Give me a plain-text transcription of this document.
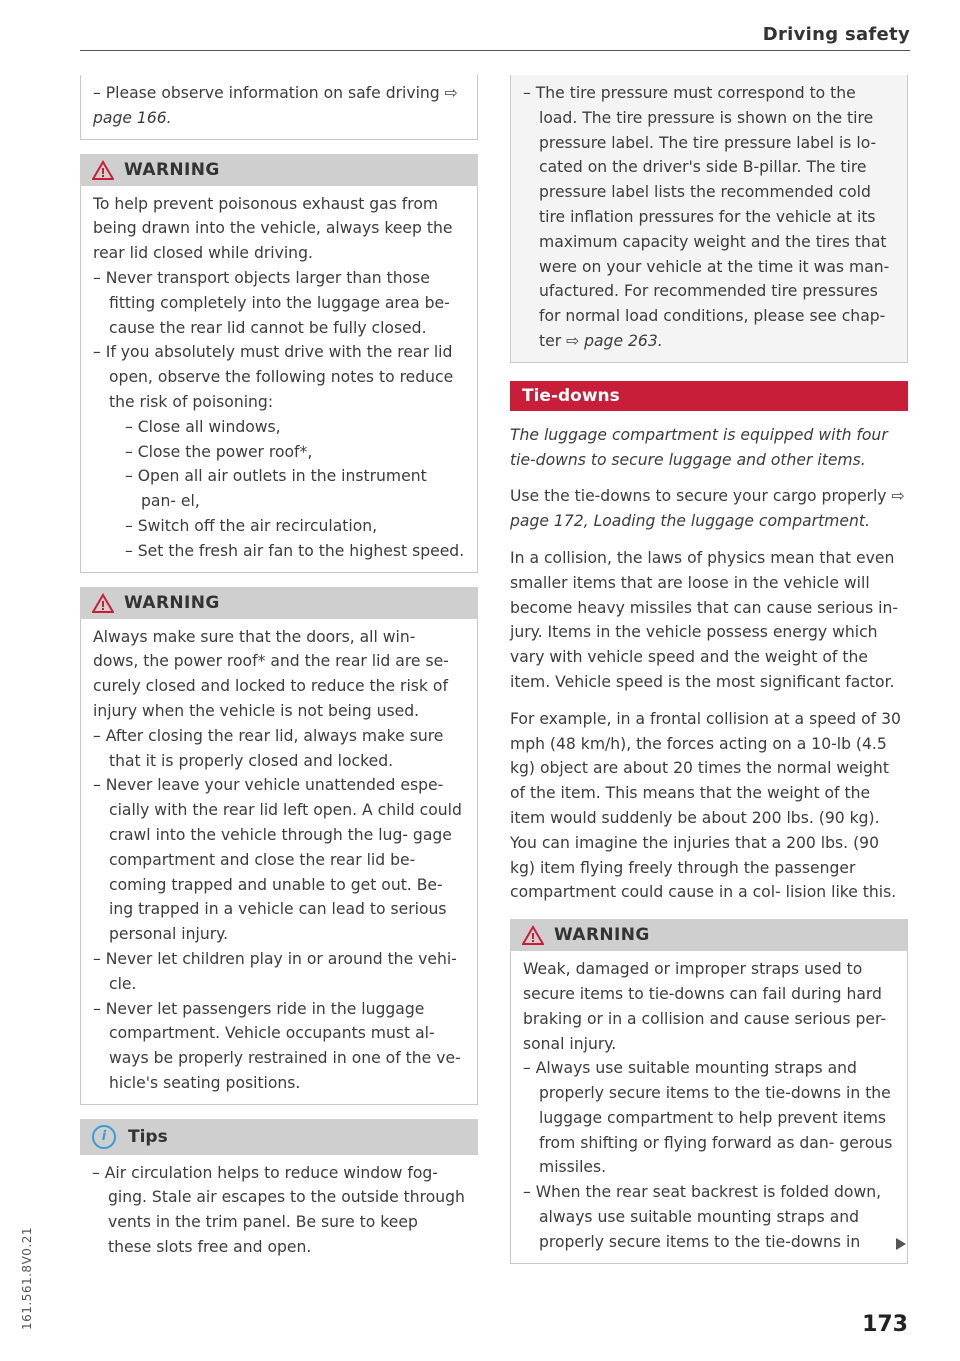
Driving safety

– Please observe information on safe driving ⇨ page 166.

WARNING

To help prevent poisonous exhaust gas from being drawn into the vehicle, always keep the rear lid closed while driving.

– Never transport objects larger than those fitting completely into the luggage area be- cause the rear lid cannot be fully closed.
– If you absolutely must drive with the rear lid open, observe the following notes to reduce the risk of poisoning:
– Close all windows,
– Close the power roof*,
– Open all air outlets in the instrument pan- el,
– Switch off the air recirculation,
– Set the fresh air fan to the highest speed.
WARNING

Always make sure that the doors, all win- dows, the power roof* and the rear lid are se- curely closed and locked to reduce the risk of injury when the vehicle is not being used.

– After closing the rear lid, always make sure that it is properly closed and locked.
– Never leave your vehicle unattended espe- cially with the rear lid left open. A child could crawl into the vehicle through the lug- gage compartment and close the rear lid be- coming trapped and unable to get out. Be- ing trapped in a vehicle can lead to serious personal injury.
– Never let children play in or around the vehi- cle.
– Never let passengers ride in the luggage compartment. Vehicle occupants must al- ways be properly restrained in one of the ve- hicle's seating positions.
i	Tips
– Air circulation helps to reduce window fog- ging. Stale air escapes to the outside through vents in the trim panel. Be sure to keep these slots free and open.

– The tire pressure must correspond to the load. The tire pressure is shown on the tire pressure label. The tire pressure label is lo- cated on the driver's side B-pillar. The tire pressure label lists the recommended cold tire inflation pressures for the vehicle at its maximum capacity weight and the tires that were on your vehicle at the time it was man- ufactured. For recommended tire pressures for normal load conditions, please see chap- ter ⇨ page 263.

Tie-downs

The luggage compartment is equipped with four tie-downs to secure luggage and other items.

Use the tie-downs to secure your cargo properly ⇨ page 172, Loading the luggage compartment.

In a collision, the laws of physics mean that even smaller items that are loose in the vehicle will become heavy missiles that can cause serious in- jury. Items in the vehicle possess energy which vary with vehicle speed and the weight of the item. Vehicle speed is the most significant factor.

For example, in a frontal collision at a speed of 30 mph (48 km/h), the forces acting on a 10-lb (4.5 kg) object are about 20 times the normal weight of the item. This means that the weight of the item would suddenly be about 200 lbs. (90 kg). You can imagine the injuries that a 200 lbs. (90 kg) item flying freely through the passenger compartment could cause in a col- lision like this.

WARNING

Weak, damaged or improper straps used to secure items to tie-downs can fail during hard braking or in a collision and cause serious per- sonal injury.

– Always use suitable mounting straps and properly secure items to the tie-downs in the luggage compartment to help prevent items from shifting or flying forward as dan- gerous missiles.
– When the rear seat backrest is folded down, always use suitable mounting straps and properly secure items to the tie-downs in
173
161.561.8V0.21
